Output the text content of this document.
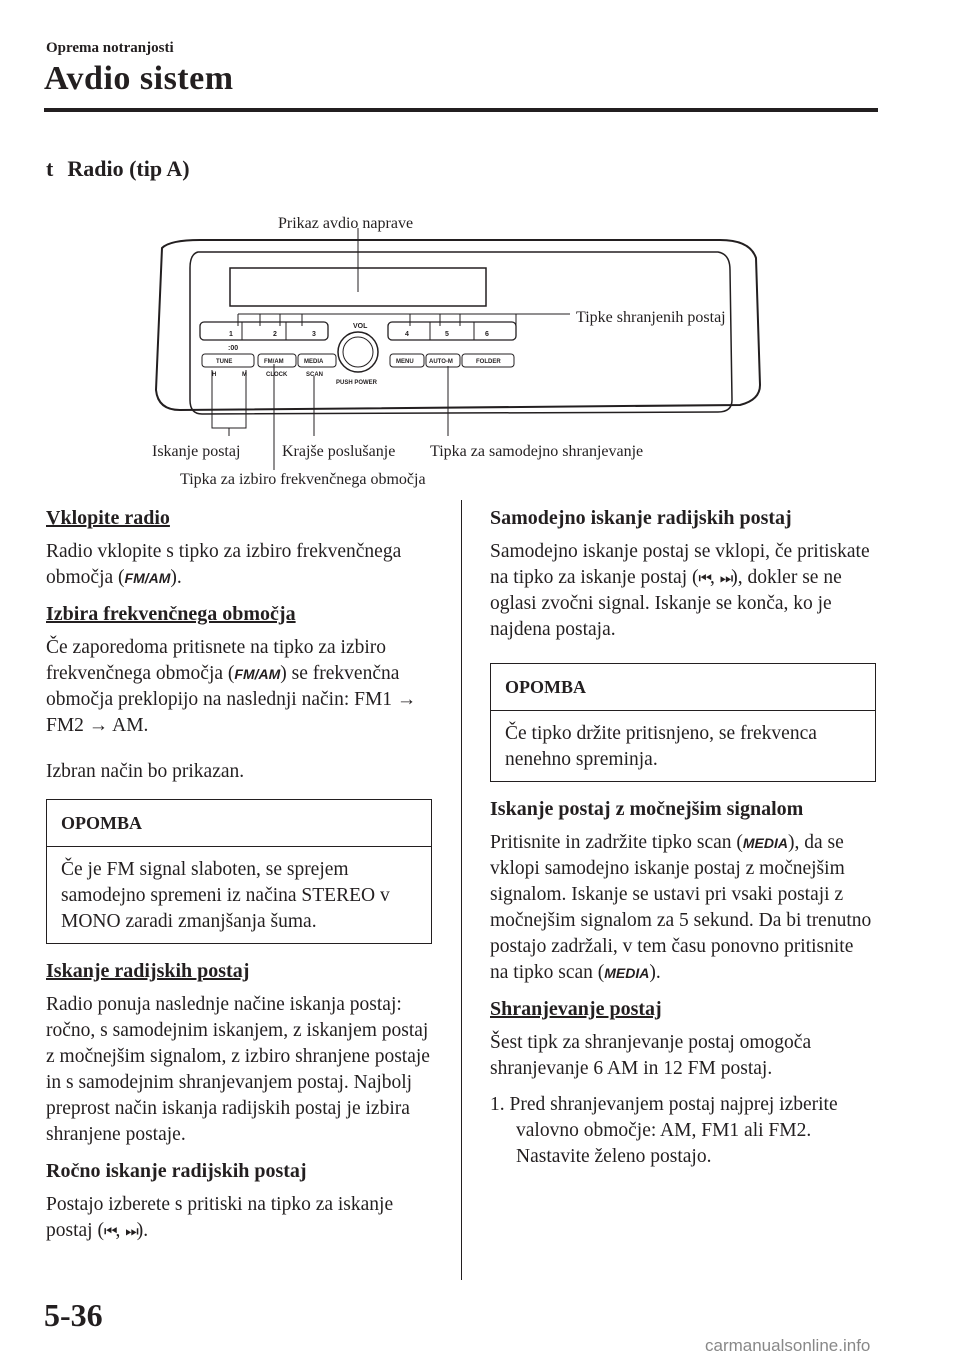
Oprema notranjosti
Avdio sistem
t Radio (tip A)
1	2	3	4	5	6
VOL
:00
PUSH POWER
TUNE	FM/AM	MEDIA	MENU	AUTO-M	FOLDER
H	M	CLOCK	SCAN
Prikaz avdio naprave
Tipke shranjenih postaj
Iskanje postaj	Krajše poslušanje Tipka za samodejno shranjevanje
Tipka za izbiro frekvenčnega območja
Vklopite radio

Radio vklopite s tipko za izbiro frekvenčnega območja (FM/AM).

Izbira frekvenčnega območja

Če zaporedoma pritisnete na tipko za izbiro frekvenčnega območja (FM/AM) se frekvenčna območja preklopijo na naslednji način: FM1 → FM2 → AM.

Izbran način bo prikazan.

OPOMBA
Če je FM signal slaboten, se sprejem samodejno spremeni iz načina STEREO v MONO zaradi zmanjšanja šuma.
Iskanje radijskih postaj

Radio ponuja naslednje načine iskanja postaj: ročno, s samodejnim iskanjem, z iskanjem postaj z močnejšim signalom, z izbiro shranjene postaje in s samodejnim shranjevanjem postaj. Najbolj preprost način iskanja radijskih postaj je izbira shranjene postaje.

Ročno iskanje radijskih postaj

Postajo izberete s pritiski na tipko za iskanje postaj (⏮, ⏭).

Samodejno iskanje radijskih postaj

Samodejno iskanje postaj se vklopi, če pritiskate na tipko za iskanje postaj (⏮, ⏭), dokler se ne oglasi zvočni signal. Iskanje se konča, ko je najdena postaja.

OPOMBA
Če tipko držite pritisnjeno, se frekvenca nenehno spreminja.
Iskanje postaj z močnejšim signalom

Pritisnite in zadržite tipko scan (MEDIA), da se vklopi samodejno iskanje postaj z močnejšim signalom. Iskanje se ustavi pri vsaki postaji z močnejšim signalom za 5 sekund. Da bi trenutno postajo zadržali, v tem času ponovno pritisnite na tipko scan (MEDIA).

Shranjevanje postaj

Šest tipk za shranjevanje postaj omogoča shranjevanje 6 AM in 12 FM postaj.

1. Pred shranjevanjem postaj najprej izberite valovno območje: AM, FM1 ali FM2. Nastavite želeno postajo.

5-36
carmanualsonline.info
